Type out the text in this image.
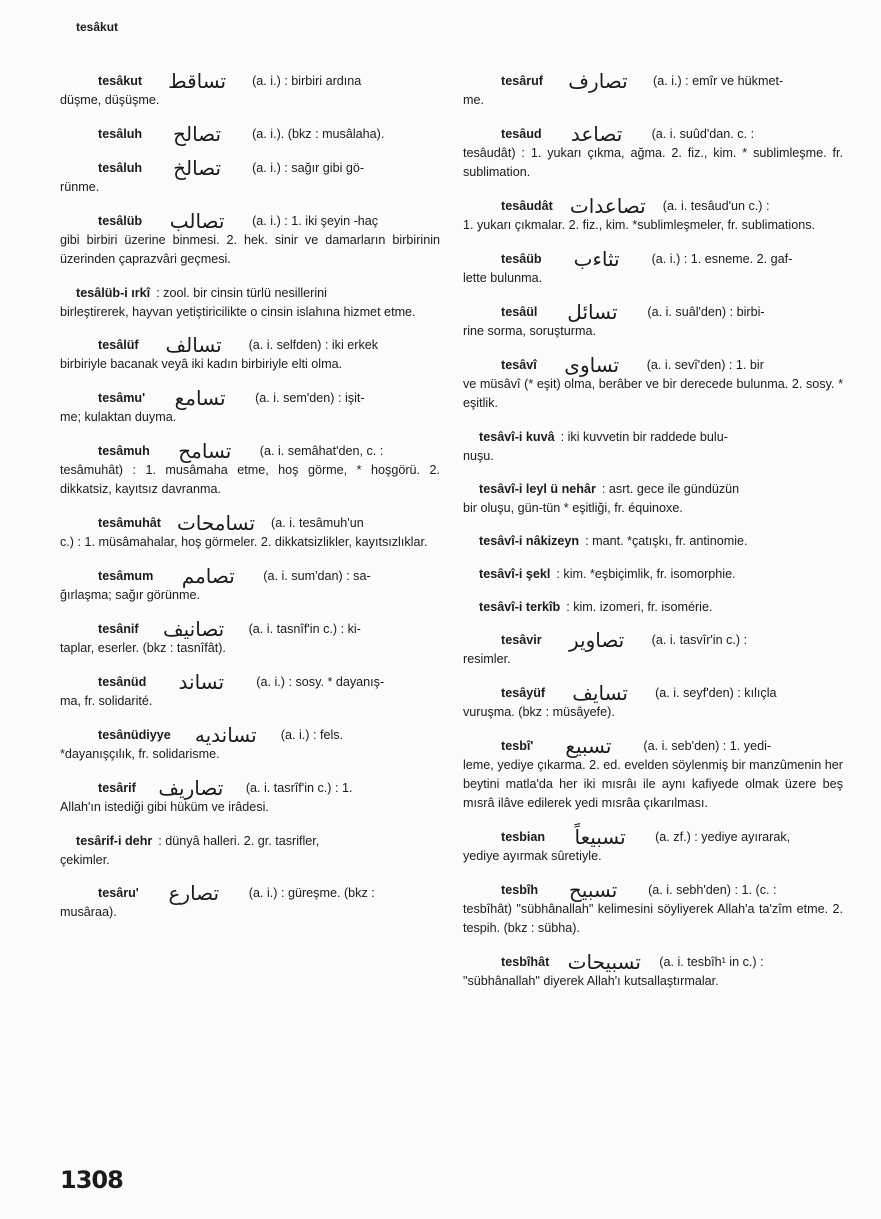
tesâkut
tesâkut	تساقط	(a. i.) : birbiri ardına
düşme, düşüşme.
tesâluh	تصالح	(a. i.). (bkz : musâlaha).
tesâluh	تصالخ	(a. i.) : sağır gibi gö-
rünme.
tesâlüb	تصالب	(a. i.) : 1. iki şeyin -haç
gibi birbiri üzerine binmesi. 2. hek. sinir ve damarların birbirinin üzerinden çaprazvâri geçmesi.
tesâlüb-i ırkî : zool. bir cinsin türlü nesillerini
birleştirerek, hayvan yetiştiricilikte o cinsin islahına hizmet etme.
tesâlüf	تسالف	(a. i. selfden) : iki erkek
birbiriyle bacanak veyâ iki kadın birbiriyle elti olma.
tesâmu'	تسامع	(a. i. sem'den) : işit-
me; kulaktan duyma.
tesâmuh	تسامح	(a. i. semâhat'den, c. :
tesâmuhât) : 1. musâmaha etme, hoş görme, * hoşgörü. 2. dikkatsiz, kayıtsız davranma.
tesâmuhât تسامحات	(a. i. tesâmuh'un
c.) : 1. müsâmahalar, hoş görmeler. 2. dikkatsizlikler, kayıtsızlıklar.
tesâmum	تصامم	(a. i. sum'dan) : sa-
ğırlaşma; sağır görünme.
tesânif	تصانيف	(a. i. tasnîf'in c.) : ki-
taplar, eserler. (bkz : tasnîfât).
tesânüd	تساند	(a. i.) : sosy. * dayanış-
ma, fr. solidarité.
tesânüdiyye	تسانديه	(a. i.) : fels.
*dayanışçılık, fr. solidarisme.
tesârif	تصاريف	(a. i. tasrîf'in c.) : 1.
Allah'ın istediği gibi hüküm ve irâdesi.
tesârif-i dehr : dünyâ halleri. 2. gr. tasrifler,
çekimler.
tesâru'	تصارع	(a. i.) : güreşme. (bkz :
musâraa).
tesâruf	تصارف	(a. i.) : emîr ve hükmet-
me.
tesâud	تصاعد	(a. i. suûd'dan. c. :
tesâudât) : 1. yukarı çıkma, ağma. 2. fiz., kim. * sublimleşme. fr. sublimation.
tesâudât تصاعدات	(a. i. tesâud'un c.) :
1. yukarı çıkmalar. 2. fiz., kim. *sublimleşmeler, fr. sublimations.
tesâüb	تثاءب	(a. i.) : 1. esneme. 2. gaf-
lette bulunma.
tesâül	تسائل	(a. i. suâl'den) : birbi-
rine sorma, soruşturma.
tesâvî	تساوى	(a. i. sevî'den) : 1. bir
ve müsâvî (* eşit) olma, berâber ve bir derecede bulunma. 2. sosy. * eşitlik.
tesâvî-i kuvâ : iki kuvvetin bir raddede bulu-
nuşu.
tesâvî-i leyl ü nehâr : asrt. gece ile gündüzün
bir oluşu, gün-tün * eşitliği, fr. équinoxe.
tesâvî-i nâkizeyn : mant. *çatışkı, fr. antinomie.
tesâvî-i şekl : kim. *eşbiçimlik, fr. isomorphie.
tesâvî-i terkîb : kim. izomeri, fr. isomérie.
tesâvir	تصاوير	(a. i. tasvîr'in c.) :
resimler.
tesâyüf	تسايف	(a. i. seyf'den) : kılıçla
vuruşma. (bkz : müsâyefe).
tesbî'	تسبيع	(a. i. seb'den) : 1. yedi-
leme, yediye çıkarma. 2. ed. evelden söylenmiş bir manzûmenin her beytini matla'da her iki mısrâı ile aynı kafiyede olmak üzere beş mısrâ ilâve edilerek yedi mısrâa çıkarılması.
tesbian	تسبيعاً	(a. zf.) : yediye ayırarak,
yediye ayırmak sûretiyle.
tesbîh	تسبيح	(a. i. sebh'den) : 1. (c. :
tesbîhât) "sübhânallah" kelimesini söyliyerek Allah'a ta'zîm etme. 2. tespih. (bkz : sübha).
tesbîhât تسبيحات	(a. i. tesbîh¹ in c.) :
"sübhânallah" diyerek Allah'ı kutsallaştırmalar.
1308
